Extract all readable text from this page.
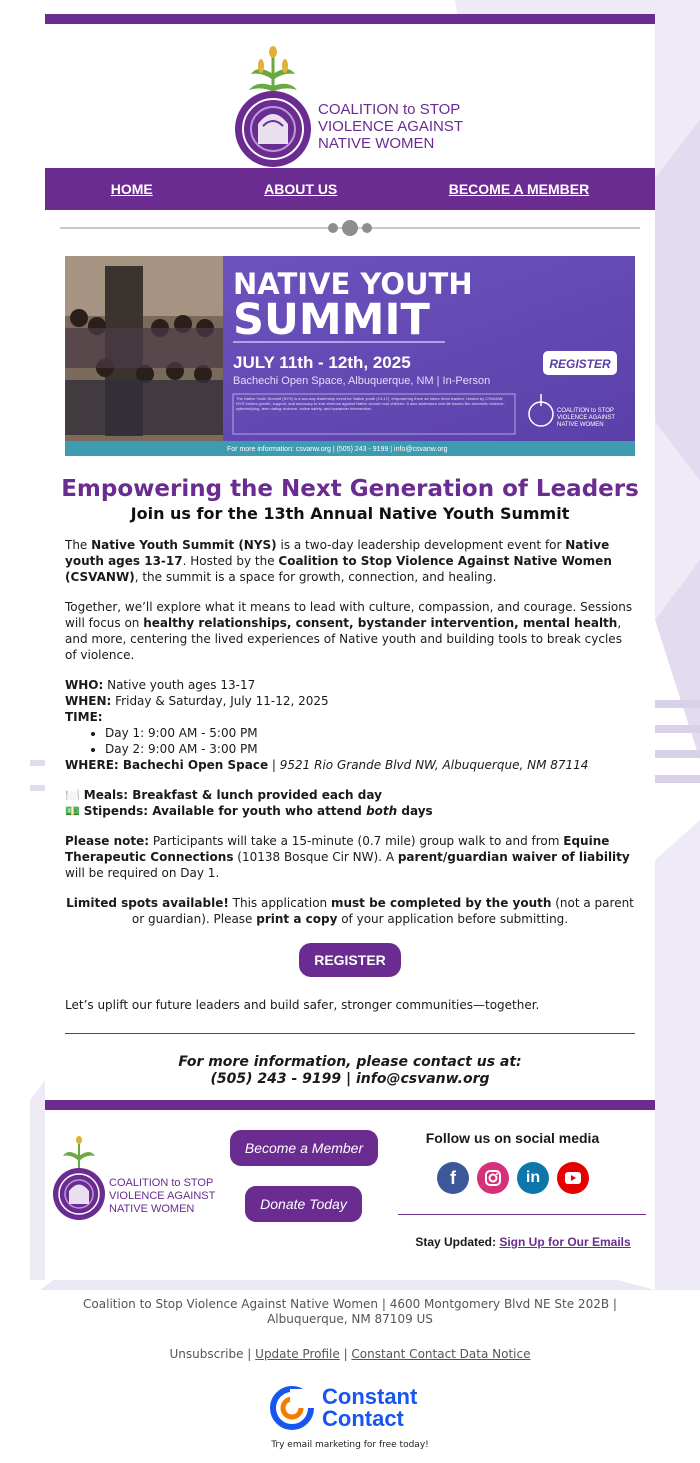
COALITION to STOP
VIOLENCE AGAINST
NATIVE WOMEN
HOME	ABOUT US	BECOME A MEMBER
NATIVE YOUTH
SUMMIT
JULY 11th - 12th, 2025
Bachechi Open Space, Albuquerque, NM | In-Person
REGISTER
The Native Youth Summit (NYS) is a two-day leadership event for Native youth (13-17), empowering them as future tribal leaders. Hosted by CSVANW, NYS fosters growth, support, and advocacy to end violence against Native women and children. It also addresses real-life issues like domestic violence, cyberbullying, teen dating violence, online safety, and bystander intervention.	COALITION to STOP
VIOLENCE AGAINST
NATIVE WOMEN
For more information: csvanw.org | (505) 243 - 9199 | info@csvanw.org
Empowering the Next Generation of Leaders
Join us for the 13th Annual Native Youth Summit

The Native Youth Summit (NYS) is a two-day leadership development event for Native youth ages 13-17. Hosted by the Coalition to Stop Violence Against Native Women (CSVANW), the summit is a space for growth, connection, and healing.

Together, we’ll explore what it means to lead with culture, compassion, and courage. Sessions will focus on healthy relationships, consent, bystander intervention, mental health, and more, centering the lived experiences of Native youth and building tools to break cycles of violence.

WHO: Native youth ages 13-17
WHEN: Friday & Saturday, July 11-12, 2025
TIME:
• Day 1: 9:00 AM - 5:00 PM
• Day 2: 9:00 AM - 3:00 PM
WHERE: Bachechi Open Space | 9521 Rio Grande Blvd NW, Albuquerque, NM 87114
🍽️ Meals: Breakfast & lunch provided each day
💵 Stipends: Available for youth who attend both days

Please note: Participants will take a 15-minute (0.7 mile) group walk to and from Equine Therapeutic Connections (10138 Bosque Cir NW). A parent/guardian waiver of liability will be required on Day 1.

Limited spots available! This application must be completed by the youth (not a parent or guardian). Please print a copy of your application before submitting.

REGISTER

Let’s uplift our future leaders and build safer, stronger communities—together.

For more information, please contact us at:
(505) 243 - 9199 | info@csvanw.org
COALITION to STOP
VIOLENCE AGAINST
NATIVE WOMEN
Become a Member
Donate Today
Follow us on social media
f	in
Stay Updated: Sign Up for Our Emails
Coalition to Stop Violence Against Native Women | 4600 Montgomery Blvd NE Ste 202B |
Albuquerque, NM 87109 US
Unsubscribe | Update Profile | Constant Contact Data Notice
Constant
Contact
Try email marketing for free today!
